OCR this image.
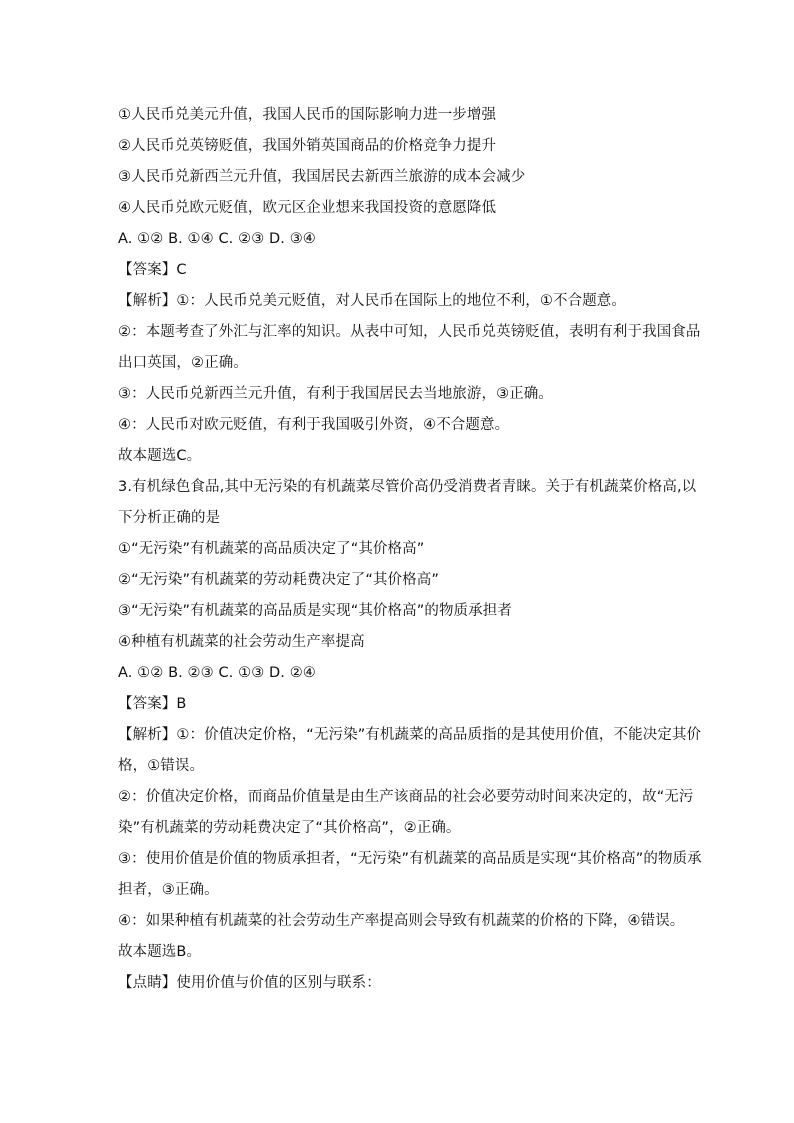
①人民币兑美元升值，我国人民币的国际影响力进一步增强
②人民币兑英镑贬值，我国外销英国商品的价格竞争力提升
③人民币兑新西兰元升值，我国居民去新西兰旅游的成本会减少
④人民币兑欧元贬值，欧元区企业想来我国投资的意愿降低
A. ①② B. ①④ C. ②③ D. ③④
【答案】C
【解析】①：人民币兑美元贬值，对人民币在国际上的地位不利，①不合题意。
②：本题考查了外汇与汇率的知识。从表中可知，人民币兑英镑贬值，表明有利于我国食品
出口英国，②正确。
③：人民币兑新西兰元升值，有利于我国居民去当地旅游，③正确。
④：人民币对欧元贬值，有利于我国吸引外资，④不合题意。
故本题选C。
3.有机绿色食品,其中无污染的有机蔬菜尽管价高仍受消费者青睐。关于有机蔬菜价格高,以
下分析正确的是
①“无污染”有机蔬菜的高品质决定了“其价格高”
②“无污染”有机蔬菜的劳动耗费决定了“其价格高”
③“无污染”有机蔬菜的高品质是实现“其价格高”的物质承担者
④种植有机蔬菜的社会劳动生产率提高
A. ①② B. ②③ C. ①③ D. ②④
【答案】B
【解析】①：价值决定价格，“无污染”有机蔬菜的高品质指的是其使用价值，不能决定其价
格，①错误。
②：价值决定价格，而商品价值量是由生产该商品的社会必要劳动时间来决定的，故“无污
染”有机蔬菜的劳动耗费决定了“其价格高”，②正确。
③：使用价值是价值的物质承担者，“无污染”有机蔬菜的高品质是实现“其价格高”的物质承
担者，③正确。
④：如果种植有机蔬菜的社会劳动生产率提高则会导致有机蔬菜的价格的下降，④错误。
故本题选B。
【点睛】使用价值与价值的区别与联系：
